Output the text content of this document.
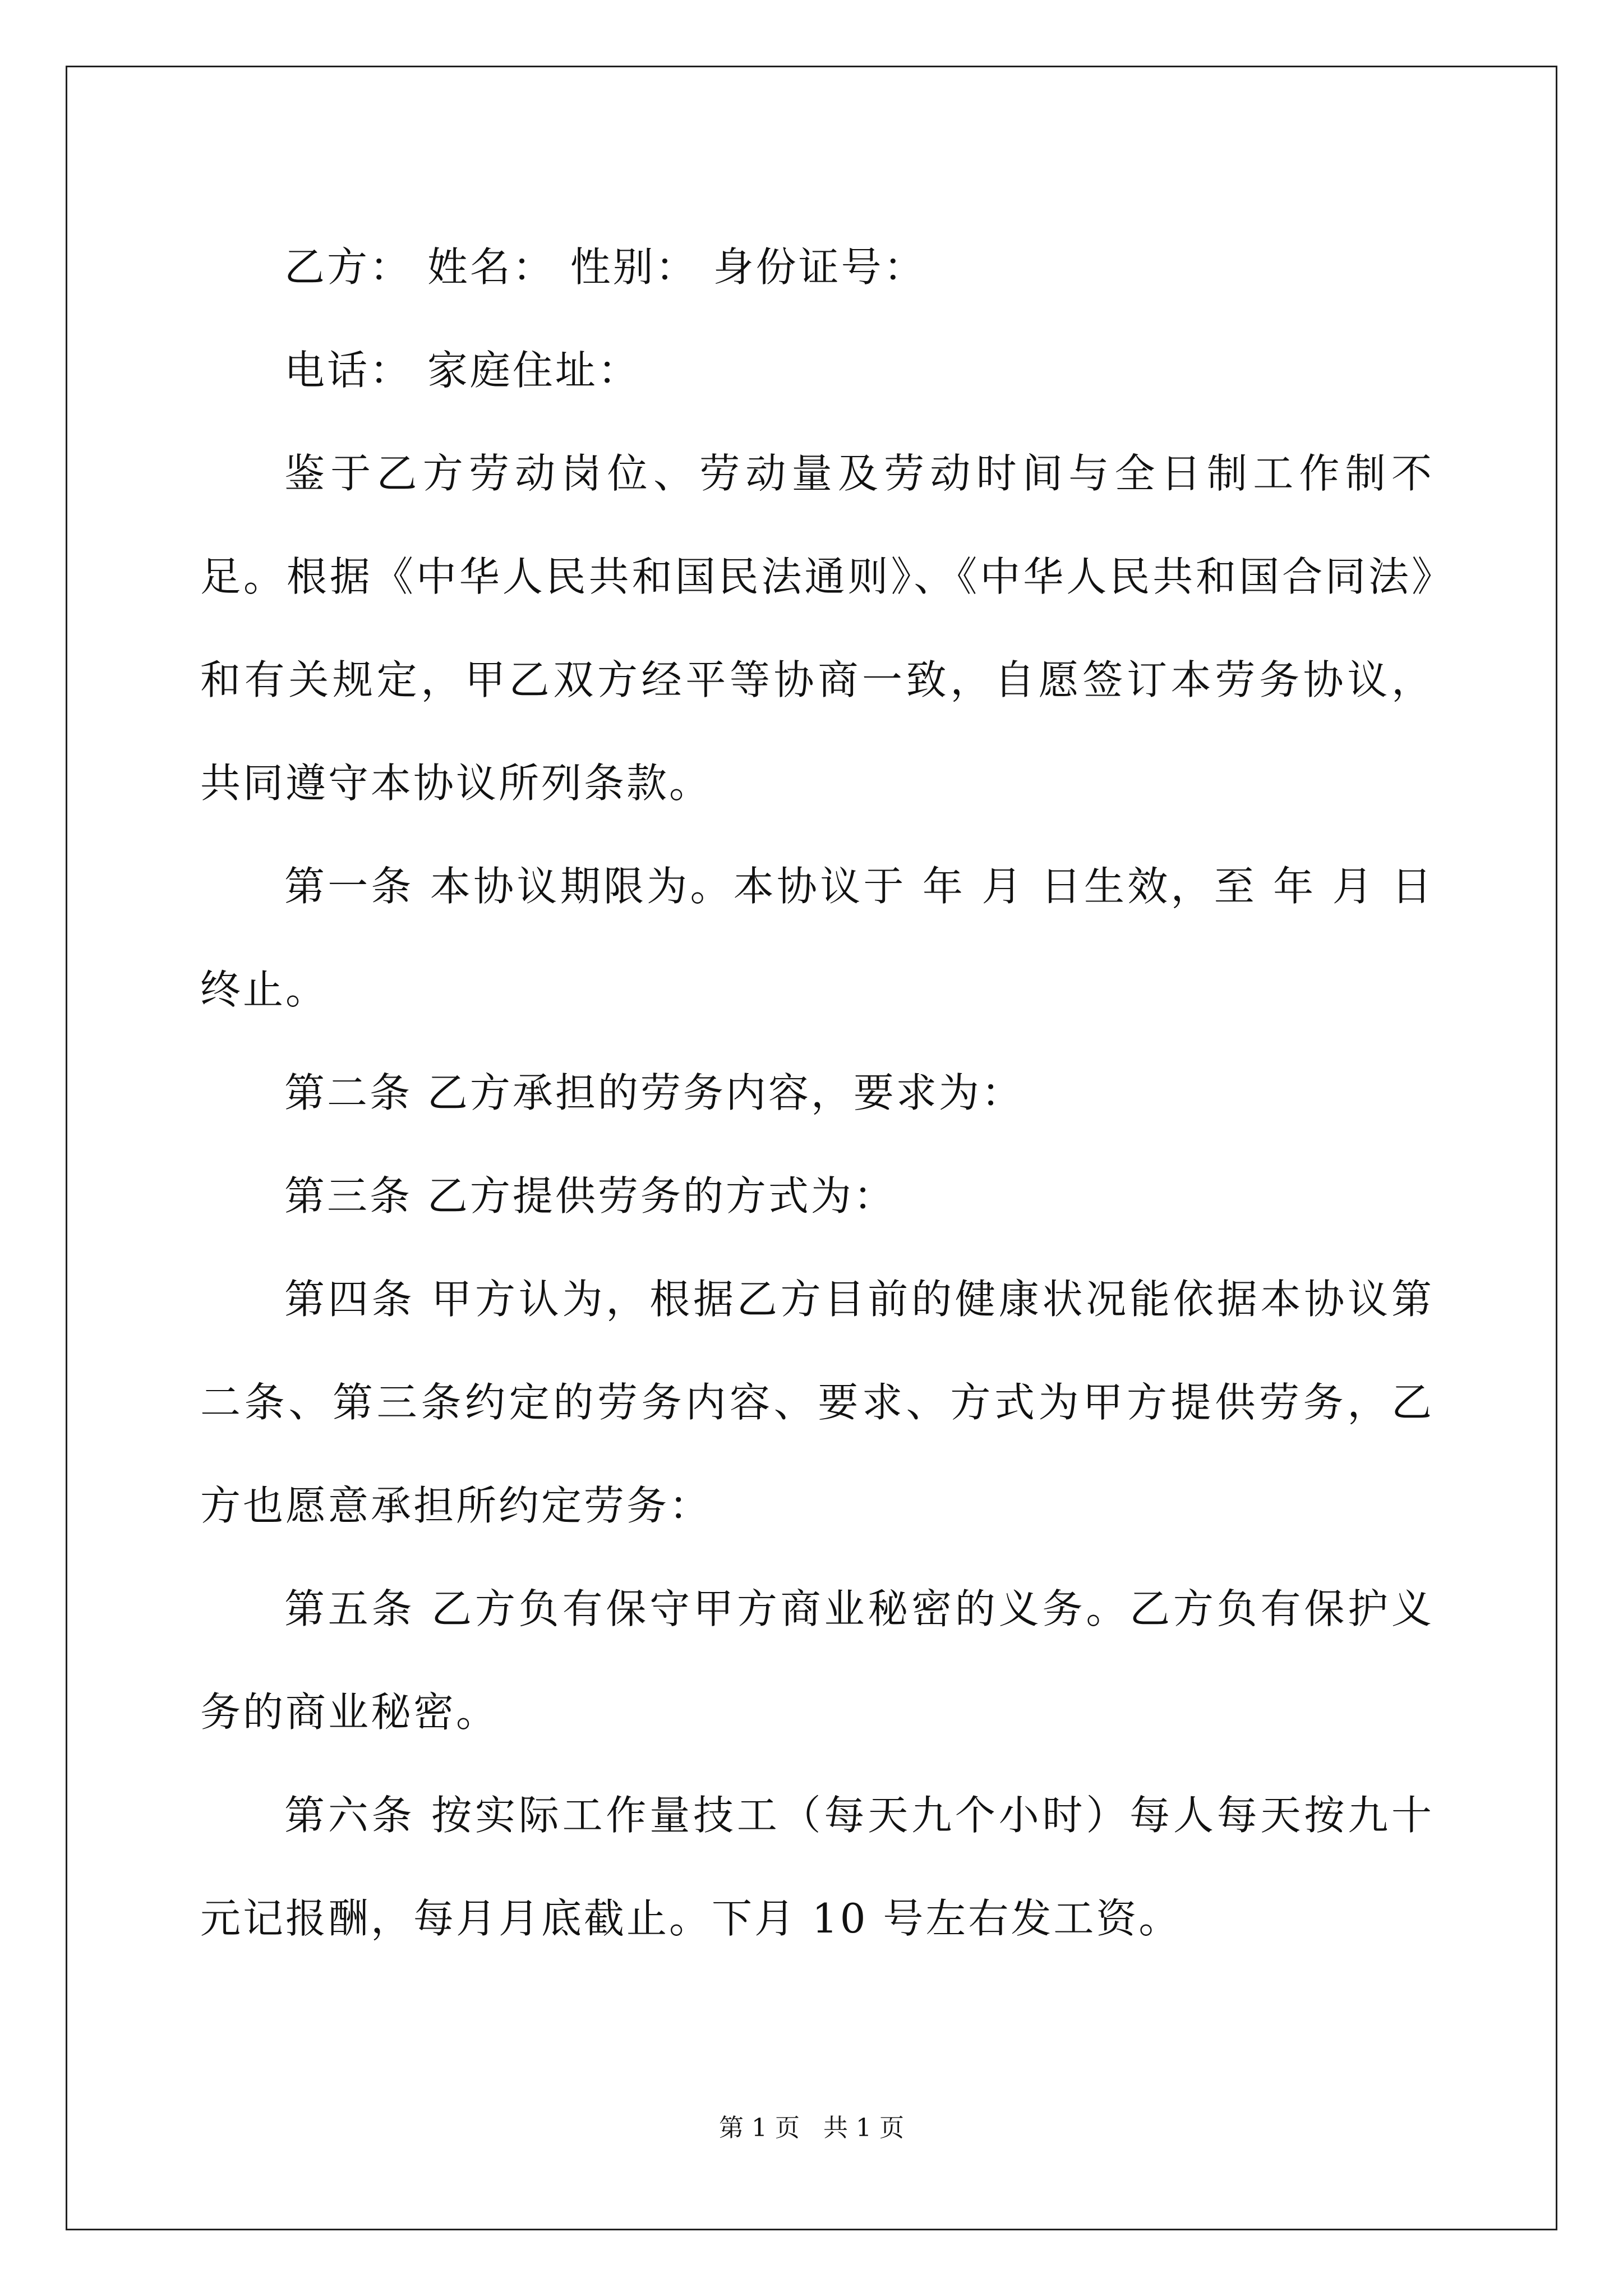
乙方： 姓名： 性别： 身份证号：

电话： 家庭住址：

鉴于乙方劳动岗位、劳动量及劳动时间与全日制工作制不足。根据《中华人民共和国民法通则》、《中华人民共和国合同法》和有关规定，甲乙双方经平等协商一致，自愿签订本劳务协议，共同遵守本协议所列条款。

第一条 本协议期限为。本协议于 年 月 日生效，至 年 月 日终止。

第二条 乙方承担的劳务内容，要求为：

第三条 乙方提供劳务的方式为：

第四条 甲方认为，根据乙方目前的健康状况能依据本协议第二条、第三条约定的劳务内容、要求、方式为甲方提供劳务，乙方也愿意承担所约定劳务：

第五条 乙方负有保守甲方商业秘密的义务。乙方负有保护义务的商业秘密。

第六条 按实际工作量技工（每天九个小时）每人每天按九十元记报酬，每月月底截止。下月 10 号左右发工资。

第 1 页   共 1 页
